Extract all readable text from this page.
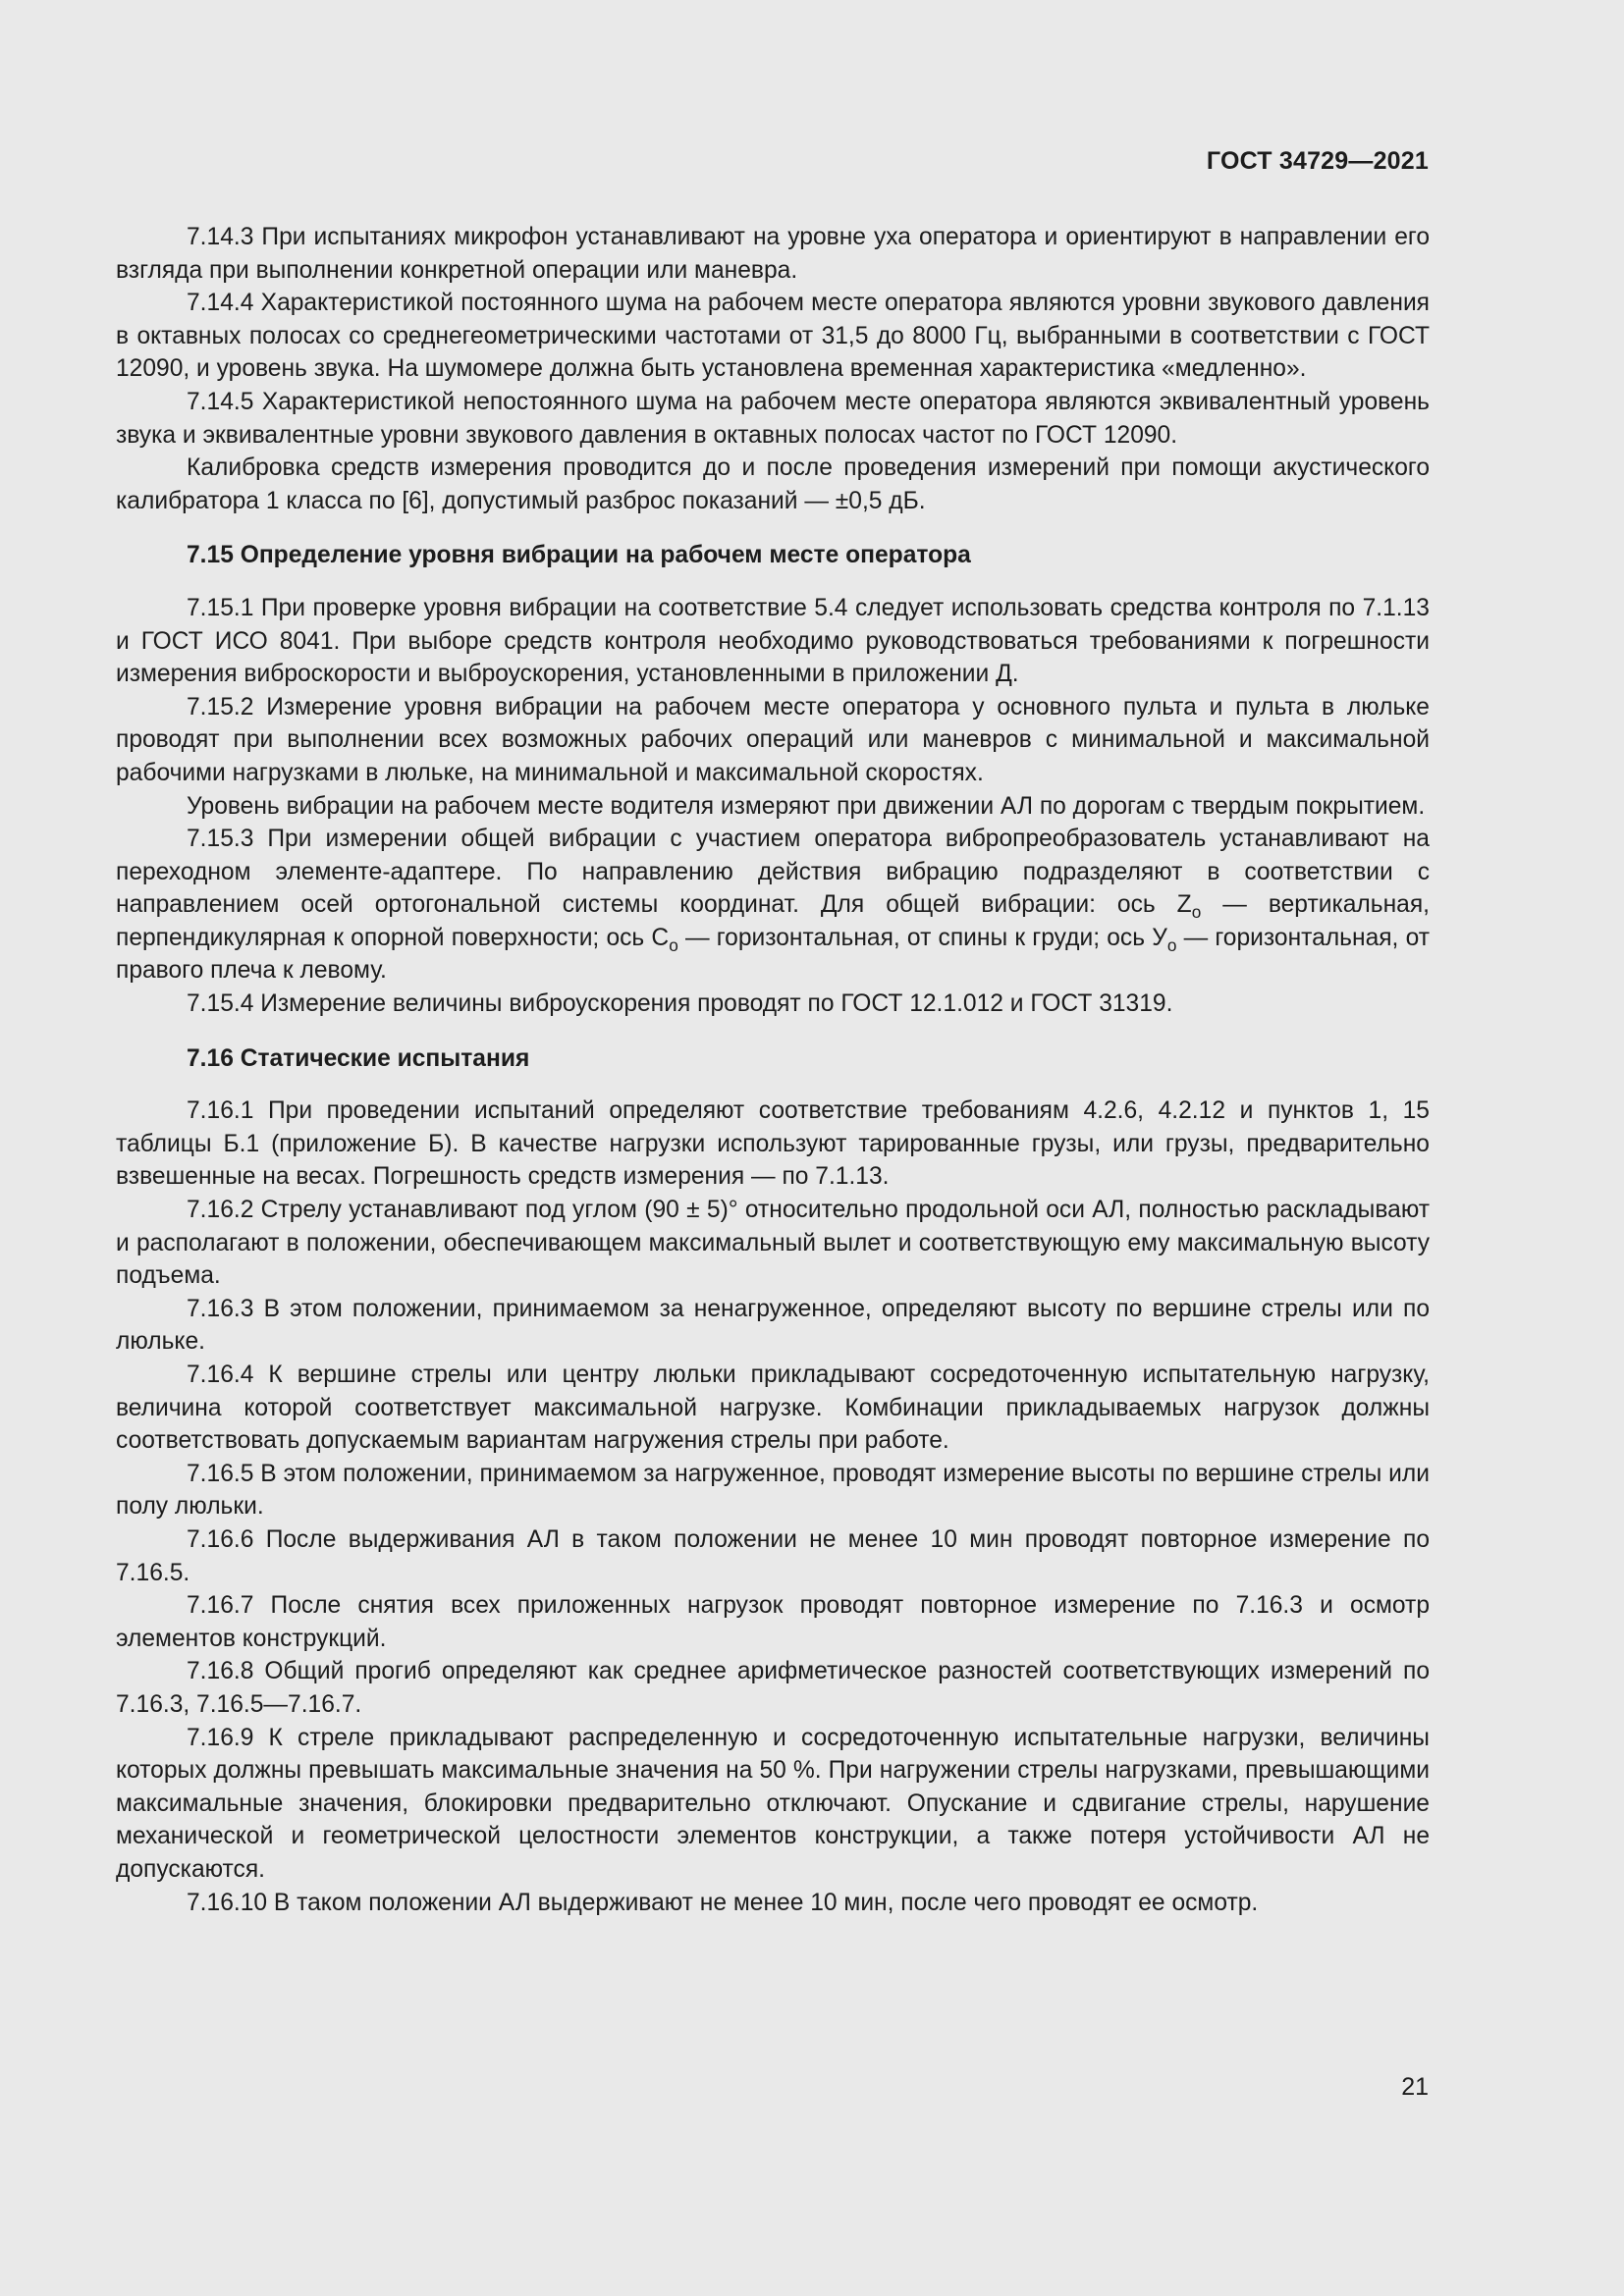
ГОСТ 34729—2021

7.14.3 При испытаниях микрофон устанавливают на уровне уха оператора и ориентируют в направлении его взгляда при выполнении конкретной операции или маневра.

7.14.4 Характеристикой постоянного шума на рабочем месте оператора являются уровни звукового давления в октавных полосах со среднегеометрическими частотами от 31,5 до 8000 Гц, выбранными в соответствии с ГОСТ 12090, и уровень звука. На шумомере должна быть установлена временная характеристика «медленно».

7.14.5 Характеристикой непостоянного шума на рабочем месте оператора являются эквивалентный уровень звука и эквивалентные уровни звукового давления в октавных полосах частот по ГОСТ 12090.

Калибровка средств измерения проводится до и после проведения измерений при помощи акустического калибратора 1 класса по [6], допустимый разброс показаний — ±0,5 дБ.

7.15 Определение уровня вибрации на рабочем месте оператора

7.15.1 При проверке уровня вибрации на соответствие 5.4 следует использовать средства контроля по 7.1.13 и ГОСТ ИСО 8041. При выборе средств контроля необходимо руководствоваться требованиями к погрешности измерения виброскорости и выброускорения, установленными в приложении Д.

7.15.2 Измерение уровня вибрации на рабочем месте оператора у основного пульта и пульта в люльке проводят при выполнении всех возможных рабочих операций или маневров с минимальной и максимальной рабочими нагрузками в люльке, на минимальной и максимальной скоростях.

Уровень вибрации на рабочем месте водителя измеряют при движении АЛ по дорогам с твердым покрытием.

7.15.3 При измерении общей вибрации с участием оператора вибропреобразователь устанавливают на переходном элементе-адаптере. По направлению действия вибрацию подразделяют в соответствии с направлением осей ортогональной системы координат. Для общей вибрации: ось $Z_о$ — вертикальная, перпендикулярная к опорной поверхности; ось $С_о$ — горизонтальная, от спины к груди; ось $У_о$ — горизонтальная, от правого плеча к левому.

7.15.4 Измерение величины виброускорения проводят по ГОСТ 12.1.012 и ГОСТ 31319.

7.16 Статические испытания

7.16.1 При проведении испытаний определяют соответствие требованиям 4.2.6, 4.2.12 и пунктов 1, 15 таблицы Б.1 (приложение Б). В качестве нагрузки используют тарированные грузы, или грузы, предварительно взвешенные на весах. Погрешность средств измерения — по 7.1.13.

7.16.2 Стрелу устанавливают под углом (90 ± 5)° относительно продольной оси АЛ, полностью раскладывают и располагают в положении, обеспечивающем максимальный вылет и соответствующую ему максимальную высоту подъема.

7.16.3 В этом положении, принимаемом за ненагруженное, определяют высоту по вершине стрелы или по люльке.

7.16.4 К вершине стрелы или центру люльки прикладывают сосредоточенную испытательную нагрузку, величина которой соответствует максимальной нагрузке. Комбинации прикладываемых нагрузок должны соответствовать допускаемым вариантам нагружения стрелы при работе.

7.16.5 В этом положении, принимаемом за нагруженное, проводят измерение высоты по вершине стрелы или полу люльки.

7.16.6 После выдерживания АЛ в таком положении не менее 10 мин проводят повторное измерение по 7.16.5.

7.16.7 После снятия всех приложенных нагрузок проводят повторное измерение по 7.16.3 и осмотр элементов конструкций.

7.16.8 Общий прогиб определяют как среднее арифметическое разностей соответствующих измерений по 7.16.3, 7.16.5—7.16.7.

7.16.9 К стреле прикладывают распределенную и сосредоточенную испытательные нагрузки, величины которых должны превышать максимальные значения на 50 %. При нагружении стрелы нагрузками, превышающими максимальные значения, блокировки предварительно отключают. Опускание и сдвигание стрелы, нарушение механической и геометрической целостности элементов конструкции, а также потеря устойчивости АЛ не допускаются.

7.16.10 В таком положении АЛ выдерживают не менее 10 мин, после чего проводят ее осмотр.

21
